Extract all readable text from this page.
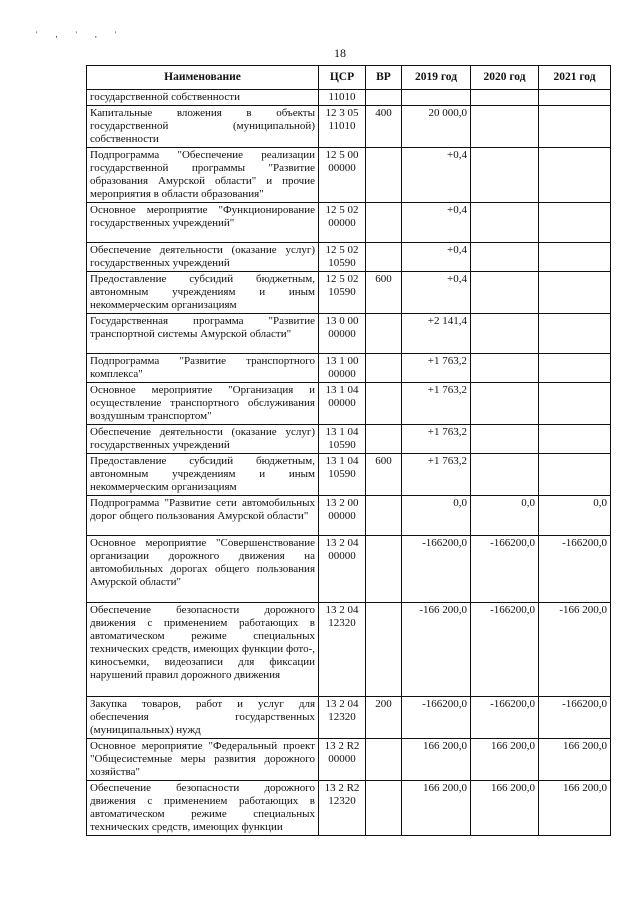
' , ' , '
18
Наименование	ЦСР	ВР	2019 год	2020 год	2021 год
государственной собственности	11010				
Капитальные вложения в объекты государственной (муниципальной) собственности	12 3 05 11010	400	20 000,0		
Подпрограмма "Обеспечение реализации государственной программы "Развитие образования Амурской области" и прочие мероприятия в области образования"	12 5 00 00000		+0,4		
Основное мероприятие "Функционирование государственных учреждений"	12 5 02 00000		+0,4		
Обеспечение деятельности (оказание услуг) государственных учреждений	12 5 02 10590		+0,4		
Предоставление субсидий бюджетным, автономным учреждениям и иным некоммерческим организациям	12 5 02 10590	600	+0,4		
Государственная программа "Развитие транспортной системы Амурской области"	13 0 00 00000		+2 141,4		
Подпрограмма "Развитие транспортного комплекса"	13 1 00 00000		+1 763,2		
Основное мероприятие "Организация и осуществление транспортного обслуживания воздушным транспортом"	13 1 04 00000		+1 763,2		
Обеспечение деятельности (оказание услуг) государственных учреждений	13 1 04 10590		+1 763,2		
Предоставление субсидий бюджетным, автономным учреждениям и иным некоммерческим организациям	13 1 04 10590	600	+1 763,2		
Подпрограмма "Развитие сети автомобильных дорог общего пользования Амурской области"	13 2 00 00000		0,0	0,0	0,0
Основное мероприятие "Совершенствование организации дорожного движения на автомобильных дорогах общего пользования Амурской области"	13 2 04 00000		-166200,0	-166200,0	-166200,0
Обеспечение безопасности дорожного движения с применением работающих в автоматическом режиме специальных технических средств, имеющих функции фото-, киносъемки, видеозаписи для фиксации нарушений правил дорожного движения	13 2 04 12320		-166 200,0	-166200,0	-166 200,0
Закупка товаров, работ и услуг для обеспечения государственных (муниципальных) нужд	13 2 04 12320	200	-166200,0	-166200,0	-166200,0
Основное мероприятие "Федеральный проект "Общесистемные меры развития дорожного хозяйства"	13 2 R2 00000		166 200,0	166 200,0	166 200,0
Обеспечение безопасности дорожного движения с применением работающих в автоматическом режиме специальных технических средств, имеющих функции	13 2 R2 12320		166 200,0	166 200,0	166 200,0
